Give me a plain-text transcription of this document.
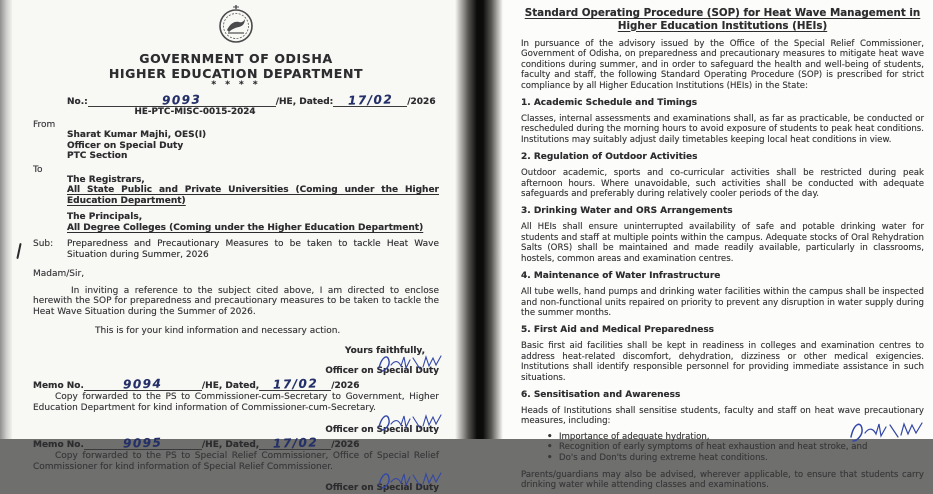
GOVERNMENT OF ODISHA
HIGHER EDUCATION DEPARTMENT
* * * *
No.:	9093	/HE, Dated: 17/02 /2026
HE-PTC-MISC-0015-2024
From
Sharat Kumar Majhi, OES(I)
Officer on Special Duty
PTC Section
To
The Registrars,
All State Public and Private Universities (Coming under the Higher Education Department)
The Principals,
All Degree Colleges (Coming under the Higher Education Department)
Sub:	Preparedness and Precautionary Measures to be taken to tackle Heat Wave Situation during Summer, 2026
Madam/Sir,
In inviting a reference to the subject cited above, I am directed to enclose herewith the SOP for preparedness and precautionary measures to be taken to tackle the Heat Wave Situation during the Summer of 2026.
This is for your kind information and necessary action.
Yours faithfully,
Officer on Special Duty
Memo No.	9094	/HE, Dated, 17/02 /2026
Copy forwarded to the PS to Commissioner-cum-Secretary to Government, Higher Education Department for kind information of Commissioner-cum-Secretary.
Officer on Special Duty
Memo No.	9095	/HE, Dated, 17/02 /2026
Copy forwarded to the PS to Special Relief Commissioner, Office of Special Relief Commissioner for kind information of Special Relief Commissioner.
Officer on Special Duty
Standard Operating Procedure (SOP) for Heat Wave Management in Higher Education Institutions (HEIs)
In pursuance of the advisory issued by the Office of the Special Relief Commissioner, Government of Odisha, on preparedness and precautionary measures to mitigate heat wave conditions during summer, and in order to safeguard the health and well-being of students, faculty and staff, the following Standard Operating Procedure (SOP) is prescribed for strict compliance by all Higher Education Institutions (HEIs) in the State:
1. Academic Schedule and Timings
Classes, internal assessments and examinations shall, as far as practicable, be conducted or rescheduled during the morning hours to avoid exposure of students to peak heat conditions. Institutions may suitably adjust daily timetables keeping local heat conditions in view.
2. Regulation of Outdoor Activities
Outdoor academic, sports and co-curricular activities shall be restricted during peak afternoon hours. Where unavoidable, such activities shall be conducted with adequate safeguards and preferably during relatively cooler periods of the day.
3. Drinking Water and ORS Arrangements
All HEIs shall ensure uninterrupted availability of safe and potable drinking water for students and staff at multiple points within the campus. Adequate stocks of Oral Rehydration Salts (ORS) shall be maintained and made readily available, particularly in classrooms, hostels, common areas and examination centres.
4. Maintenance of Water Infrastructure
All tube wells, hand pumps and drinking water facilities within the campus shall be inspected and non-functional units repaired on priority to prevent any disruption in water supply during the summer months.
5. First Aid and Medical Preparedness
Basic first aid facilities shall be kept in readiness in colleges and examination centres to address heat-related discomfort, dehydration, dizziness or other medical exigencies. Institutions shall identify responsible personnel for providing immediate assistance in such situations.
6. Sensitisation and Awareness
Heads of Institutions shall sensitise students, faculty and staff on heat wave precautionary measures, including:
• Importance of adequate hydration,
• Recognition of early symptoms of heat exhaustion and heat stroke, and
• Do's and Don'ts during extreme heat conditions.
Parents/guardians may also be advised, wherever applicable, to ensure that students carry drinking water while attending classes and examinations.
